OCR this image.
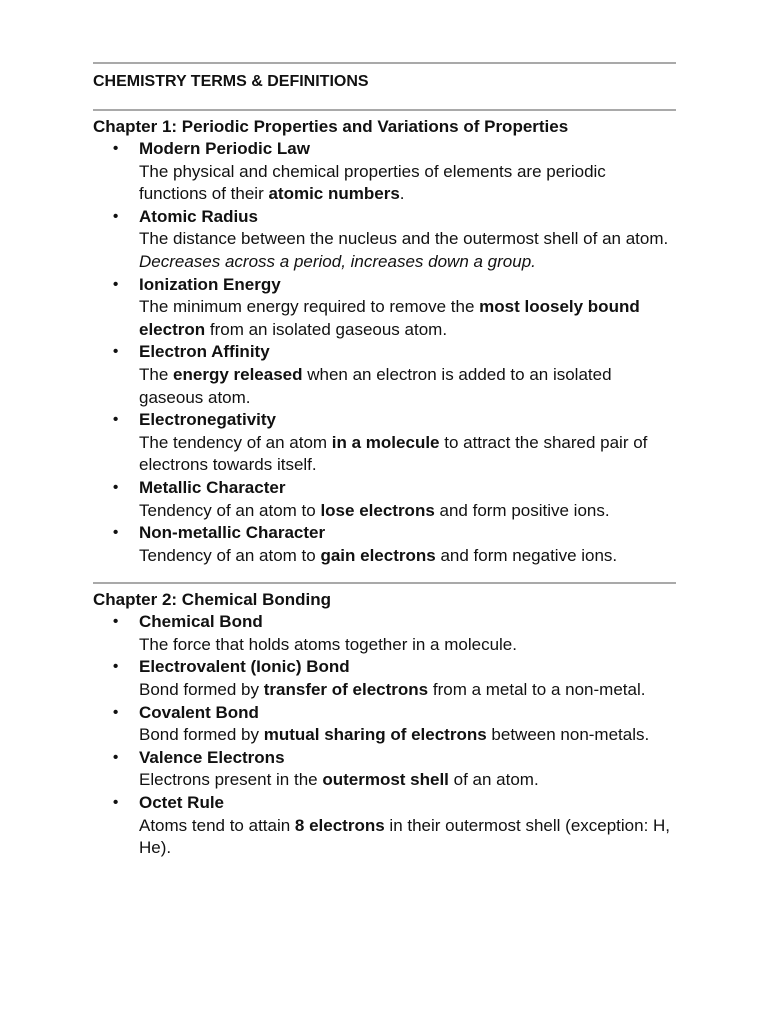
CHEMISTRY TERMS & DEFINITIONS
Chapter 1: Periodic Properties and Variations of Properties
• Modern Periodic Law
The physical and chemical properties of elements are periodic functions of their atomic numbers.
• Atomic Radius
The distance between the nucleus and the outermost shell of an atom.
Decreases across a period, increases down a group.
• Ionization Energy
The minimum energy required to remove the most loosely bound electron from an isolated gaseous atom.
• Electron Affinity
The energy released when an electron is added to an isolated gaseous atom.
• Electronegativity
The tendency of an atom in a molecule to attract the shared pair of electrons towards itself.
• Metallic Character
Tendency of an atom to lose electrons and form positive ions.
• Non-metallic Character
Tendency of an atom to gain electrons and form negative ions.
Chapter 2: Chemical Bonding
• Chemical Bond
The force that holds atoms together in a molecule.
• Electrovalent (Ionic) Bond
Bond formed by transfer of electrons from a metal to a non-metal.
• Covalent Bond
Bond formed by mutual sharing of electrons between non-metals.
• Valence Electrons
Electrons present in the outermost shell of an atom.
• Octet Rule
Atoms tend to attain 8 electrons in their outermost shell (exception: H, He).
